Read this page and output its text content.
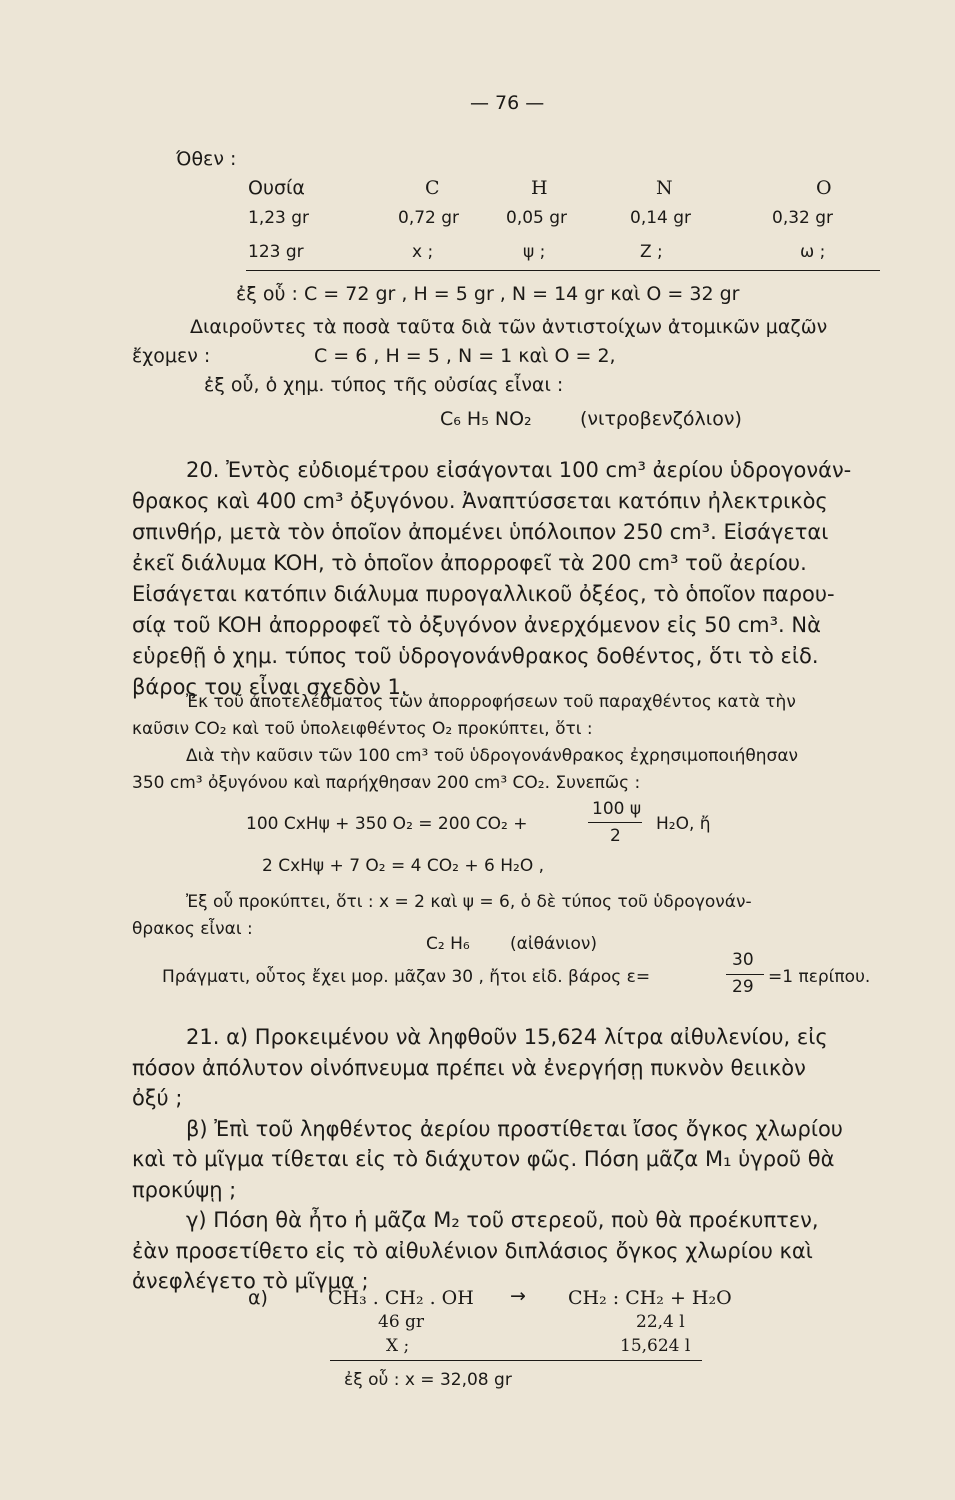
— 76 —
Όθεν :
Ουσία	C	H	N	O
1,23 gr	0,72 gr	0,05 gr	0,14 gr	0,32 gr
123 gr	x ;	ψ ;	Z ;	ω ;
ἐξ οὗ : C = 72 gr , H = 5 gr , N = 14 gr καὶ O = 32 gr
Διαιροῦντες τὰ ποσὰ ταῦτα διὰ τῶν ἀντιστοίχων ἀτομικῶν μαζῶν
ἔχομεν :	C = 6 , H = 5 , N = 1 καὶ O = 2,
ἐξ οὗ, ὁ χημ. τύπος τῆς οὐσίας εἶναι :
C₆ H₅ NO₂	(νιτροβενζόλιον)
20. Ἐντὸς εὐδιομέτρου εἰσάγονται 100 cm³ ἀερίου ὑδρογονάν-
θρακος καὶ 400 cm³ ὀξυγόνου. Ἀναπτύσσεται κατόπιν ἠλεκτρικὸς
σπινθήρ, μετὰ τὸν ὁποῖον ἀπομένει ὑπόλοιπον 250 cm³. Εἰσάγεται
ἐκεῖ διάλυμα KOH, τὸ ὁποῖον ἀπορροφεῖ τὰ 200 cm³ τοῦ ἀερίου.
Εἰσάγεται κατόπιν διάλυμα πυρογαλλικοῦ ὀξέος, τὸ ὁποῖον παρου-
σίᾳ τοῦ KOH ἀπορροφεῖ τὸ ὀξυγόνον ἀνερχόμενον εἰς 50 cm³. Νὰ
εὑρεθῇ ὁ χημ. τύπος τοῦ ὑδρογονάνθρακος δοθέντος, ὅτι τὸ εἰδ.
βάρος του εἶναι σχεδὸν 1.
Ἐκ τοῦ ἀποτελέσματος τῶν ἀπορροφήσεων τοῦ παραχθέντος κατὰ τὴν
καῦσιν CO₂ καὶ τοῦ ὑπολειφθέντος O₂ προκύπτει, ὅτι :
Διὰ τὴν καῦσιν τῶν 100 cm³ τοῦ ὑδρογονάνθρακος ἐχρησιμοποιήθησαν
350 cm³ ὀξυγόνου καὶ παρήχθησαν 200 cm³ CO₂. Συνεπῶς :
100 CxHψ + 350 O₂ = 200 CO₂ +
100 ψ
2
H₂O, ἤ
2 CxHψ + 7 O₂ = 4 CO₂ + 6 H₂O ,
Ἐξ οὗ προκύπτει, ὅτι : x = 2 καὶ ψ = 6, ὁ δὲ τύπος τοῦ ὑδρογονάν-
θρακος εἶναι :
C₂ H₆ (αἰθάνιον)
Πράγματι, οὗτος ἔχει μορ. μᾶζαν 30 , ἤτοι εἰδ. βάρος ε=
30
29 =1 περίπου.
21. α) Προκειμένου νὰ ληφθοῦν 15,624 λίτρα αἰθυλενίου, εἰς
πόσον ἀπόλυτον οἰνόπνευμα πρέπει νὰ ἐνεργήσῃ πυκνὸν θειικὸν
ὀξύ ;
β) Ἐπὶ τοῦ ληφθέντος ἀερίου προστίθεται ἴσος ὄγκος χλωρίου
καὶ τὸ μῖγμα τίθεται εἰς τὸ διάχυτον φῶς. Πόση μᾶζα M₁ ὑγροῦ θὰ
προκύψῃ ;
γ) Πόση θὰ ἦτο ἡ μᾶζα M₂ τοῦ στερεοῦ, ποὺ θὰ προέκυπτεν,
ἐὰν προσετίθετο εἰς τὸ αἰθυλένιον διπλάσιος ὄγκος χλωρίου καὶ
ἀνεφλέγετο τὸ μῖγμα ;
α)	CH₃ . CH₂ . OH → CH₂ : CH₂ + H₂O
46 gr	22,4 l
X ;	15,624 l
ἐξ οὗ : x = 32,08 gr
